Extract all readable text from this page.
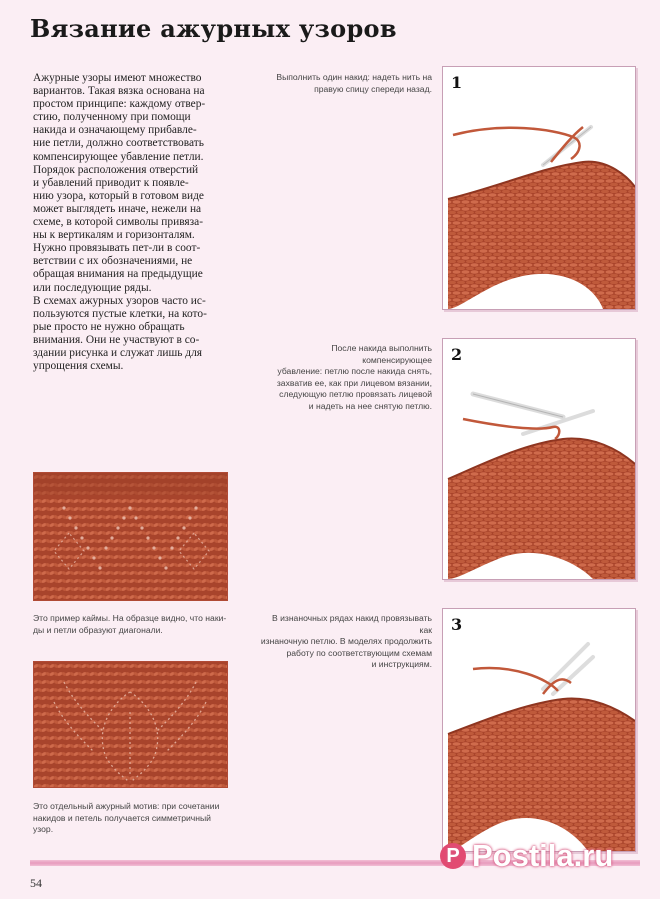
Вязание ажурных узоров

Ажурные узоры имеют множество

вариантов. Такая вязка основана на

простом принципе: каждому отвер-

стию, полученному при помощи

накида и означающему прибавле-

ние петли, должно соответствовать

компенсирующее убавление петли.

Порядок расположения отверстий

и убавлений приводит к появле-

нию узора, который в готовом виде

может выглядеть иначе, нежели на

схеме, в которой символы привяза-

ны к вертикалям и горизонталям.

Нужно провязывать пет-ли в соот-

ветствии с их обозначениями, не

обращая внимания на предыдущие

или последующие ряды.

В схемах ажурных узоров часто ис-

пользуются пустые клетки, на кото-

рые просто не нужно обращать

внимания. Они не участвуют в со-

здании рисунка и служат лишь для

упрощения схемы.

Выполнить один накид: надеть нить на
правую спицу спереди назад.
После накида выполнить компенсирующее
убавление: петлю после накида снять,
захватив ее, как при лицевом вязании,
следующую петлю провязать лицевой
и надеть на нее снятую петлю.
В изнаночных рядах накид провязывать как
изнаночную петлю. В моделях продолжить
работу по соответствующим схемам
и инструкциям.
1
2
3
Это пример каймы. На образце видно, что нaки-
ды и петли образуют диагонали.
Это отдельный ажурный мотив: при сочетании
накидов и петель получается симметричный
узор.
54
P Postila.ru
